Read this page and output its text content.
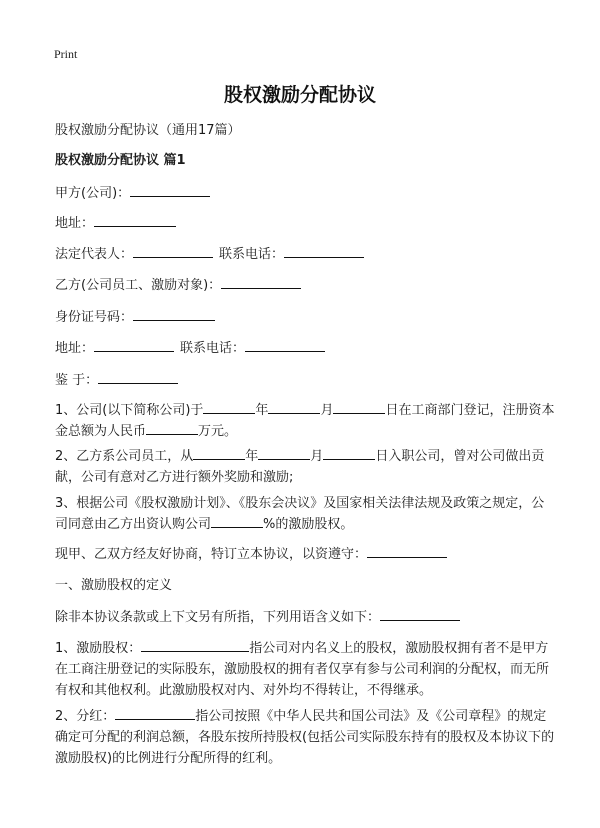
Print
股权激励分配协议

股权激励分配协议（通用17篇）

股权激励分配协议 篇1

甲方(公司)：

地址：

法定代表人：	联系电话：

乙方(公司员工、激励对象)：

身份证号码：

地址：	联系电话：

鉴 于：

1、公司(以下简称公司)于	年	月	日在工商部门登记，注册资本金总额为人民币	万元。

2、乙方系公司员工，从	年	月	日入职公司，曾对公司做出贡献，公司有意对乙方进行额外奖励和激励;

3、根据公司《股权激励计划》、《股东会决议》及国家相关法律法规及政策之规定，公司同意由乙方出资认购公司	%的激励股权。

现甲、乙双方经友好协商，特订立本协议，以资遵守：

一、激励股权的定义

除非本协议条款或上下文另有所指，下列用语含义如下：

1、激励股权：	指公司对内名义上的股权，激励股权拥有者不是甲方在工商注册登记的实际股东，激励股权的拥有者仅享有参与公司利润的分配权，而无所有权和其他权利。此激励股权对内、对外均不得转让，不得继承。

2、分红：	指公司按照《中华人民共和国公司法》及《公司章程》的规定确定可分配的利润总额，各股东按所持股权(包括公司实际股东持有的股权及本协议下的激励股权)的比例进行分配所得的红利。
